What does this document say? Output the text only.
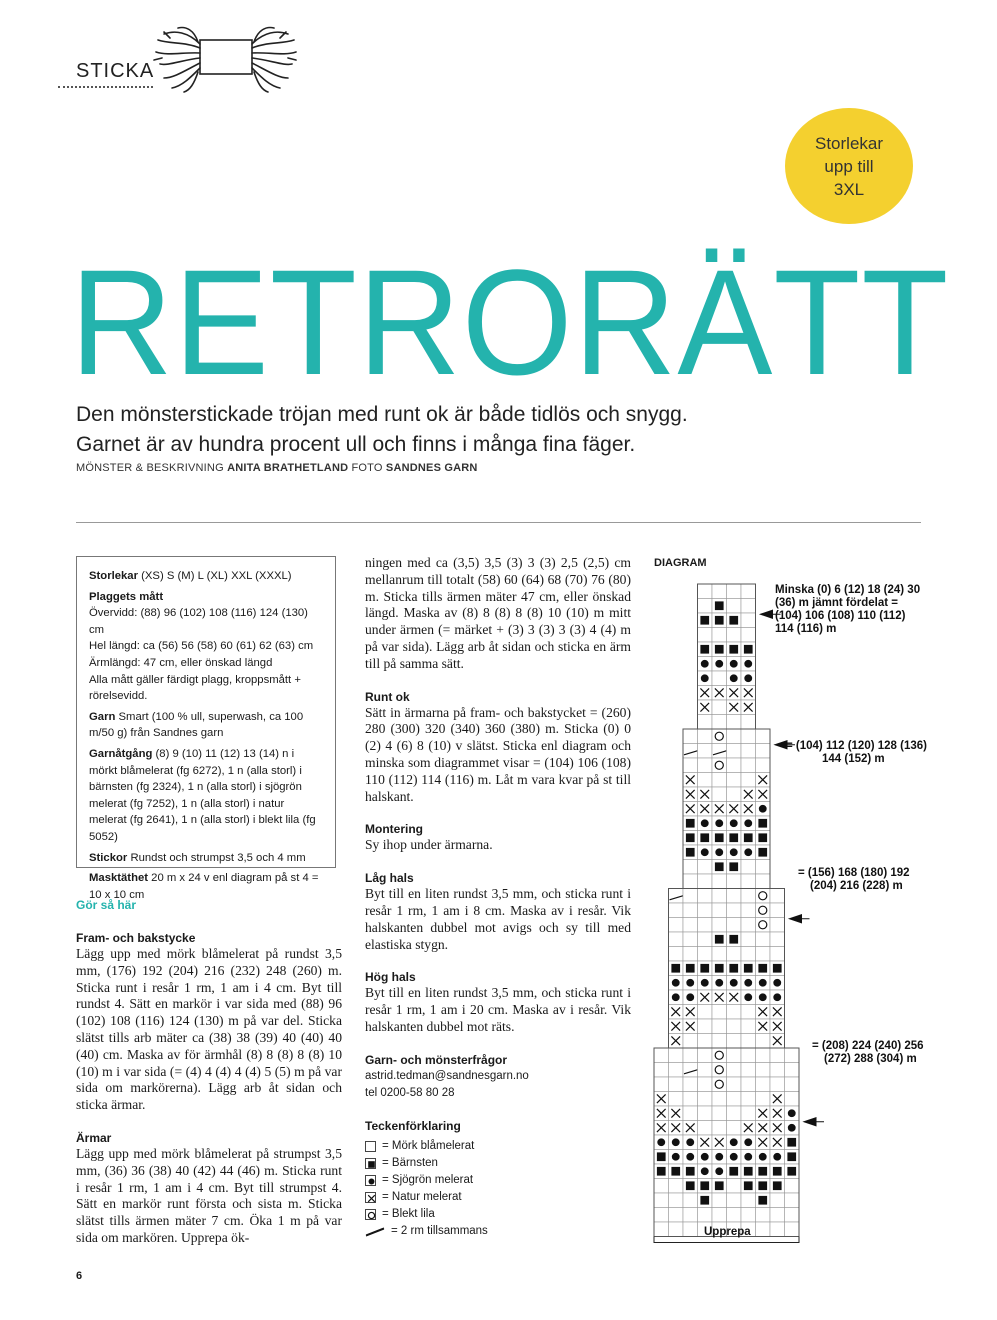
STICKA
Storlekar
upp till
3XL
RETRORÄTT
Den mönsterstickade tröjan med runt ok är både tidlös och snygg.
Garnet är av hundra procent ull och finns i många fina fäger.
MÖNSTER & BESKRIVNING ANITA BRATHETLAND FOTO SANDNES GARN

Storlekar (XS) S (M) L (XL) XXL (XXXL)

Plaggets mått

Övervidd: (88) 96 (102) 108 (116) 124 (130) cm
Hel längd: ca (56) 56 (58) 60 (61) 62 (63) cm
Ärmlängd: 47 cm, eller önskad längd
Alla mått gäller färdigt plagg, kroppsmått +
rörelsevidd.

Garn Smart (100 % ull, superwash, ca 100 m/50 g) från Sandnes garn

Garnåtgång (8) 9 (10) 11 (12) 13 (14) n i mörkt blåmelerat (fg 6272), 1 n (alla storl) i bärnsten (fg 2324), 1 n (alla storl) i sjögrön melerat (fg 7252), 1 n (alla storl) i natur melerat (fg 2641), 1 n (alla storl) i blekt lila (fg 5052)

Stickor Rundst och strumpst 3,5 och 4 mm

Masktäthet 20 m x 24 v enl diagram på st 4 = 10 x 10 cm

Gör så här
Fram- och bakstycke

Lägg upp med mörk blåmelerat på rundst 3,5 mm, (176) 192 (204) 216 (232) 248 (260) m. Sticka runt i resår 1 rm, 1 am i 4 cm. Byt till rundst 4. Sätt en markör i var sida med (88) 96 (102) 108 (116) 124 (130) m på var del. Sticka slätst tills arb mäter ca (38) 38 (39) 40 (40) 40 (40) cm. Maska av för ärmhål (8) 8 (8) 8 (8) 10 (10) m i var sida (= (4) 4 (4) 4 (4) 5 (5) m på var sida om markörerna). Lägg arb åt sidan och sticka ärmar.

Ärmar

Lägg upp med mörk blåmelerat på strumpst 3,5 mm, (36) 36 (38) 40 (42) 44 (46) m. Sticka runt i resår 1 rm, 1 am i 4 cm. Byt till strumpst 4. Sätt en markör runt första och sista m. Sticka slätst tills ärmen mäter 7 cm. Öka 1 m på var sida om markören. Upprepa ök-

ningen med ca (3,5) 3,5 (3) 3 (3) 2,5 (2,5) cm mellanrum till totalt (58) 60 (64) 68 (70) 76 (80) m. Sticka tills ärmen mäter 47 cm, eller önskad längd. Maska av (8) 8 (8) 8 (8) 10 (10) m mitt under ärmen (= märket + (3) 3 (3) 3 (3) 4 (4) m på var sida). Lägg arb åt sidan och sticka en ärm till på samma sätt.

Runt ok

Sätt in ärmarna på fram- och bakstycket = (260) 280 (300) 320 (340) 360 (380) m. Sticka (0) 0 (2) 4 (6) 8 (10) v slätst. Sticka enl diagram och minska som diagrammet visar = (104) 106 (108) 110 (112) 114 (116) m. Låt m vara kvar på st till halskant.

Montering

Sy ihop under ärmarna.

Låg hals

Byt till en liten rundst 3,5 mm, och sticka runt i resår 1 rm, 1 am i 8 cm. Maska av i resår. Vik halskanten dubbel mot avigs och sy till med elastiska stygn.

Hög hals

Byt till en liten rundst 3,5 mm, och sticka runt i resår 1 rm, 1 am i 20 cm. Maska av i resår. Vik halskanten dubbel mot räts.

Garn- och mönsterfrågor
astrid.tedman@sandnesgarn.no
tel 0200-58 80 28
Teckenförklaring
= Mörk blåmelerat
= Bärnsten
= Sjögrön melerat
= Natur melerat
= Blekt lila
= 2 rm tillsammans
DIAGRAM
Minska (0) 6 (12) 18 (24) 30
(36) m jämnt fördelat =
(104) 106 (108) 110 (112)
114 (116) m
= (104) 112 (120) 128 (136)
144 (152) m
= (156) 168 (180) 192
(204) 216 (228) m
= (208) 224 (240) 256
(272) 288 (304) m
Upprepa
6
